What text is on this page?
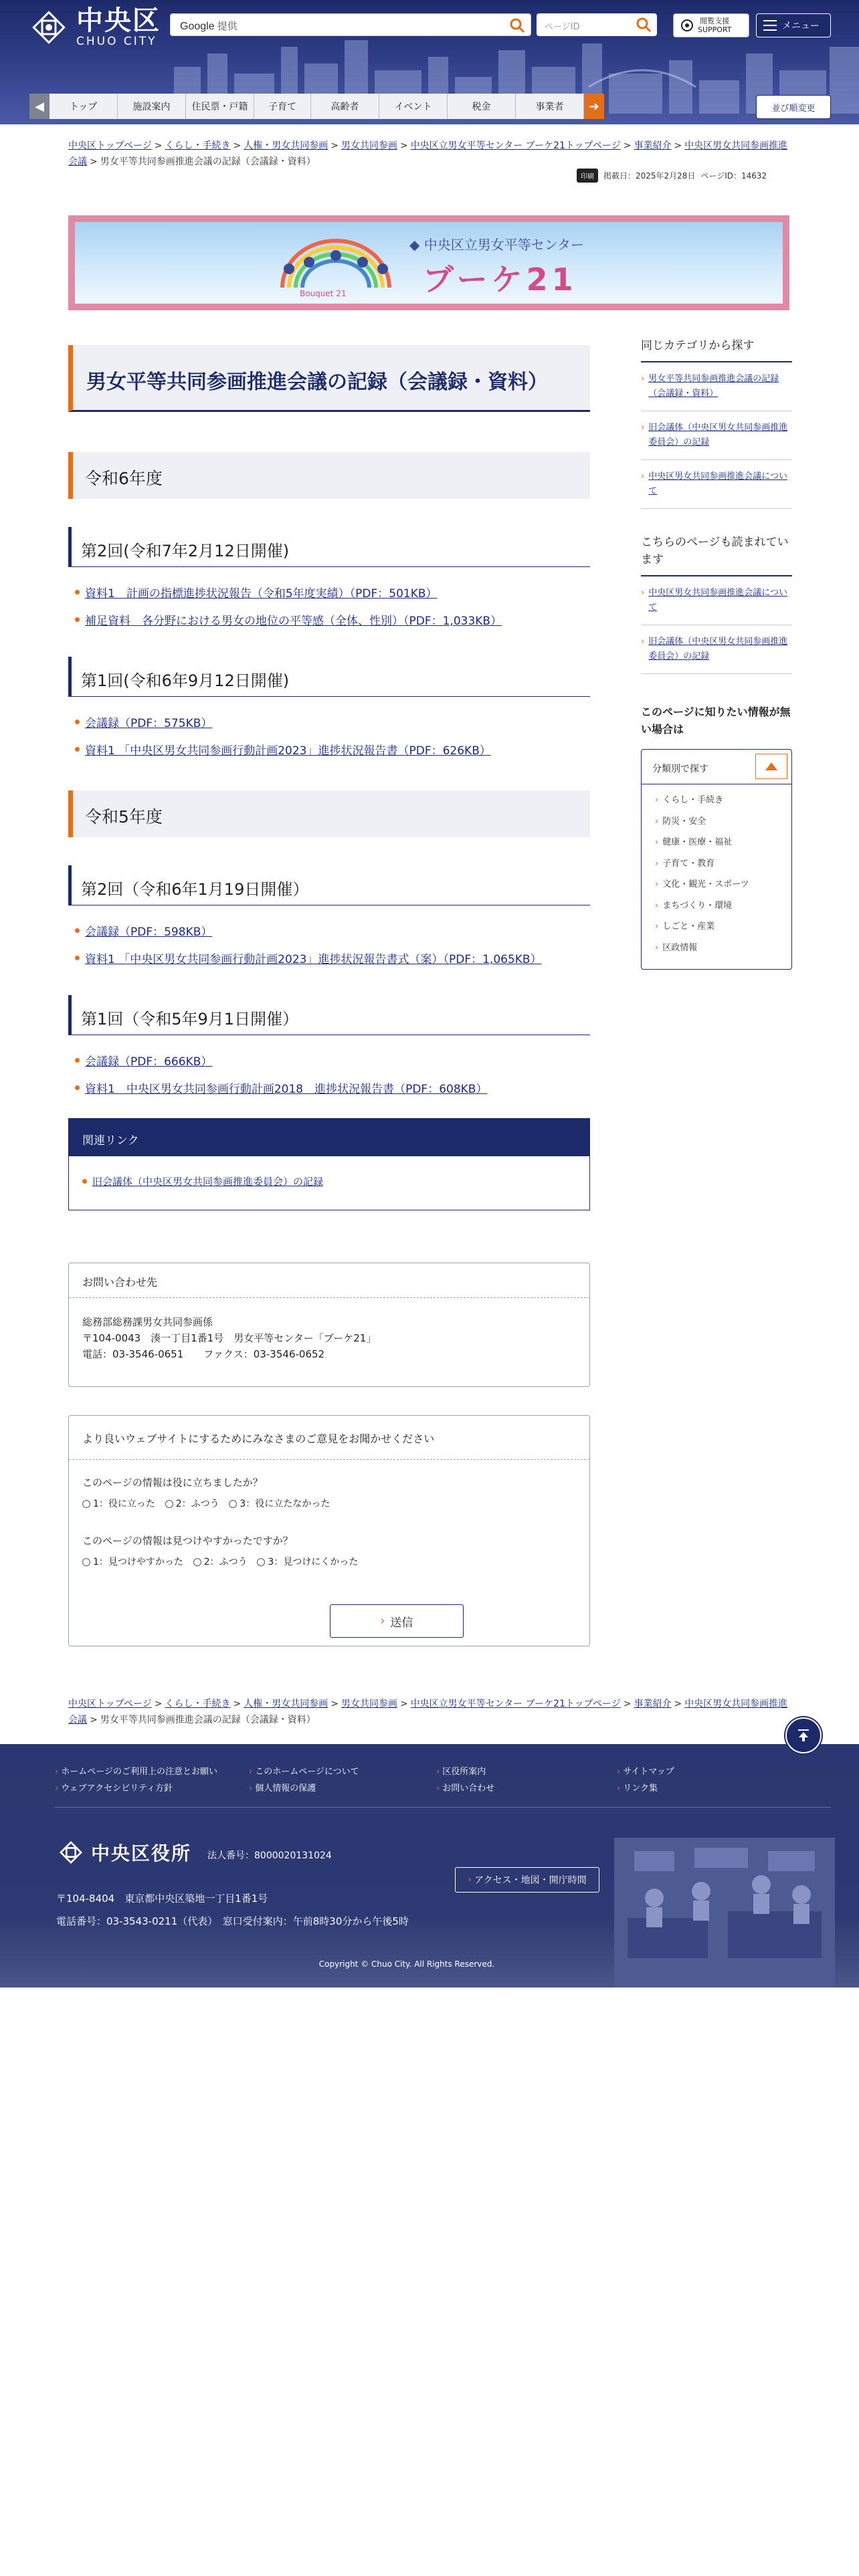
中央区
CHUO CITY
Google 提供	ページID
閲覧支援
SUPPORT	メニュー
◀	トップ	施設案内	住民票・戸籍	子育て	高齢者	イベント	税金	事業者	➔	並び順変更
中央区トップページ > くらし・手続き > 人権・男女共同参画 > 男女共同参画 > 中央区立男女平等センター ブーケ21トップページ > 事業紹介 > 中央区男女共同参画推進会議 > 男女平等共同参画推進会議の記録（会議録・資料）
印刷	掲載日：2025年2月28日 ページID：14632
◆ 中央区立男女平等センター
ブーケ21
Bouquet 21
男女平等共同参画推進会議の記録（会議録・資料）
令和6年度
第2回(令和7年2月12日開催)
資料1　計画の指標進捗状況報告（令和5年度実績）（PDF：501KB）
補足資料　各分野における男女の地位の平等感（全体、性別）（PDF：1,033KB）
第1回(令和6年9月12日開催)
会議録（PDF：575KB）
資料1 「中央区男女共同参画行動計画2023」進捗状況報告書（PDF：626KB）
令和5年度
第2回（令和6年1月19日開催）
会議録（PDF：598KB）
資料1 「中央区男女共同参画行動計画2023」進捗状況報告書式（案）（PDF：1,065KB）
第1回（令和5年9月1日開催）
会議録（PDF：666KB）
資料1　中央区男女共同参画行動計画2018　進捗状況報告書（PDF：608KB）
関連リンク
旧会議体（中央区男女共同参画推進委員会）の記録
お問い合わせ先

総務部総務課男女共同参画係

〒104-0043　湊一丁目1番1号　男女平等センター「ブーケ21」

電話：03-3546-0651　　ファクス：03-3546-0652

より良いウェブサイトにするためにみなさまのご意見をお聞かせください

このページの情報は役に立ちましたか？

1：役に立った
2：ふつう
3：役に立たなかった

このページの情報は見つけやすかったですか？

1：見つけやすかった
2：ふつう
3：見つけにくかった

› 送信
同じカテゴリから探す
› 男女平等共同参画推進会議の記録（会議録・資料）
› 旧会議体（中央区男女共同参画推進委員会）の記録
› 中央区男女共同参画推進会議について
こちらのページも読まれています
› 中央区男女共同参画推進会議について
› 旧会議体（中央区男女共同参画推進委員会）の記録
このページに知りたい情報が無い場合は
分類別で探す
› くらし・手続き
› 防災・安全
› 健康・医療・福祉
› 子育て・教育
› 文化・観光・スポーツ
› まちづくり・環境
› しごと・産業
› 区政情報
中央区トップページ > くらし・手続き > 人権・男女共同参画 > 男女共同参画 > 中央区立男女平等センター ブーケ21トップページ > 事業紹介 > 中央区男女共同参画推進会議 > 男女平等共同参画推進会議の記録（会議録・資料）
› ホームページのご利用上の注意とお願い	› このホームページについて	› 区役所案内	› サイトマップ
› ウェブアクセシビリティ方針	› 個人情報の保護	› お問い合わせ	› リンク集
中央区役所 法人番号：8000020131024
〒104-8404　東京都中央区築地一丁目1番1号
電話番号：03-3543-0211（代表）　窓口受付案内：午前8時30分から午後5時
› アクセス・地図・開庁時間
Copyright © Chuo City. All Rights Reserved.
